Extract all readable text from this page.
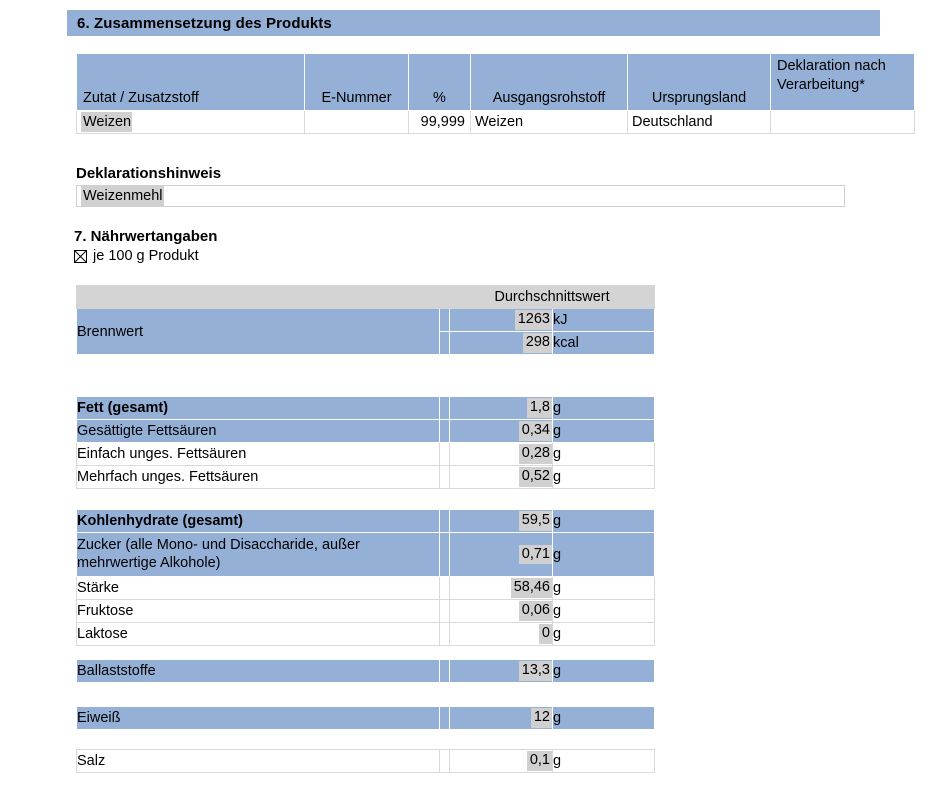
6. Zusammensetzung des Produkts
Zutat / Zusatzstoff	E-Nummer	%	Ausgangsrohstoff	Ursprungsland	Deklaration nach Verarbeitung*
Weizen		99,999	Weizen	Deutschland	
Deklarationshinweis
Weizenmehl
7. Nährwertangaben
je 100 g Produkt
		Durchschnittswert	
Brennwert		1263	kJ
		298	kcal
Fett (gesamt)		1,8	g
Gesättigte Fettsäuren		0,34	g
Einfach unges. Fettsäuren		0,28	g
Mehrfach unges. Fettsäuren		0,52	g
Kohlenhydrate (gesamt)		59,5	g
Zucker (alle Mono- und Disaccharide, außer mehrwertige Alkohole)		0,71	g
Stärke		58,46	g
Fruktose		0,06	g
Laktose		0	g
Ballaststoffe		13,3	g
Eiweiß		12	g
Salz		0,1	g
